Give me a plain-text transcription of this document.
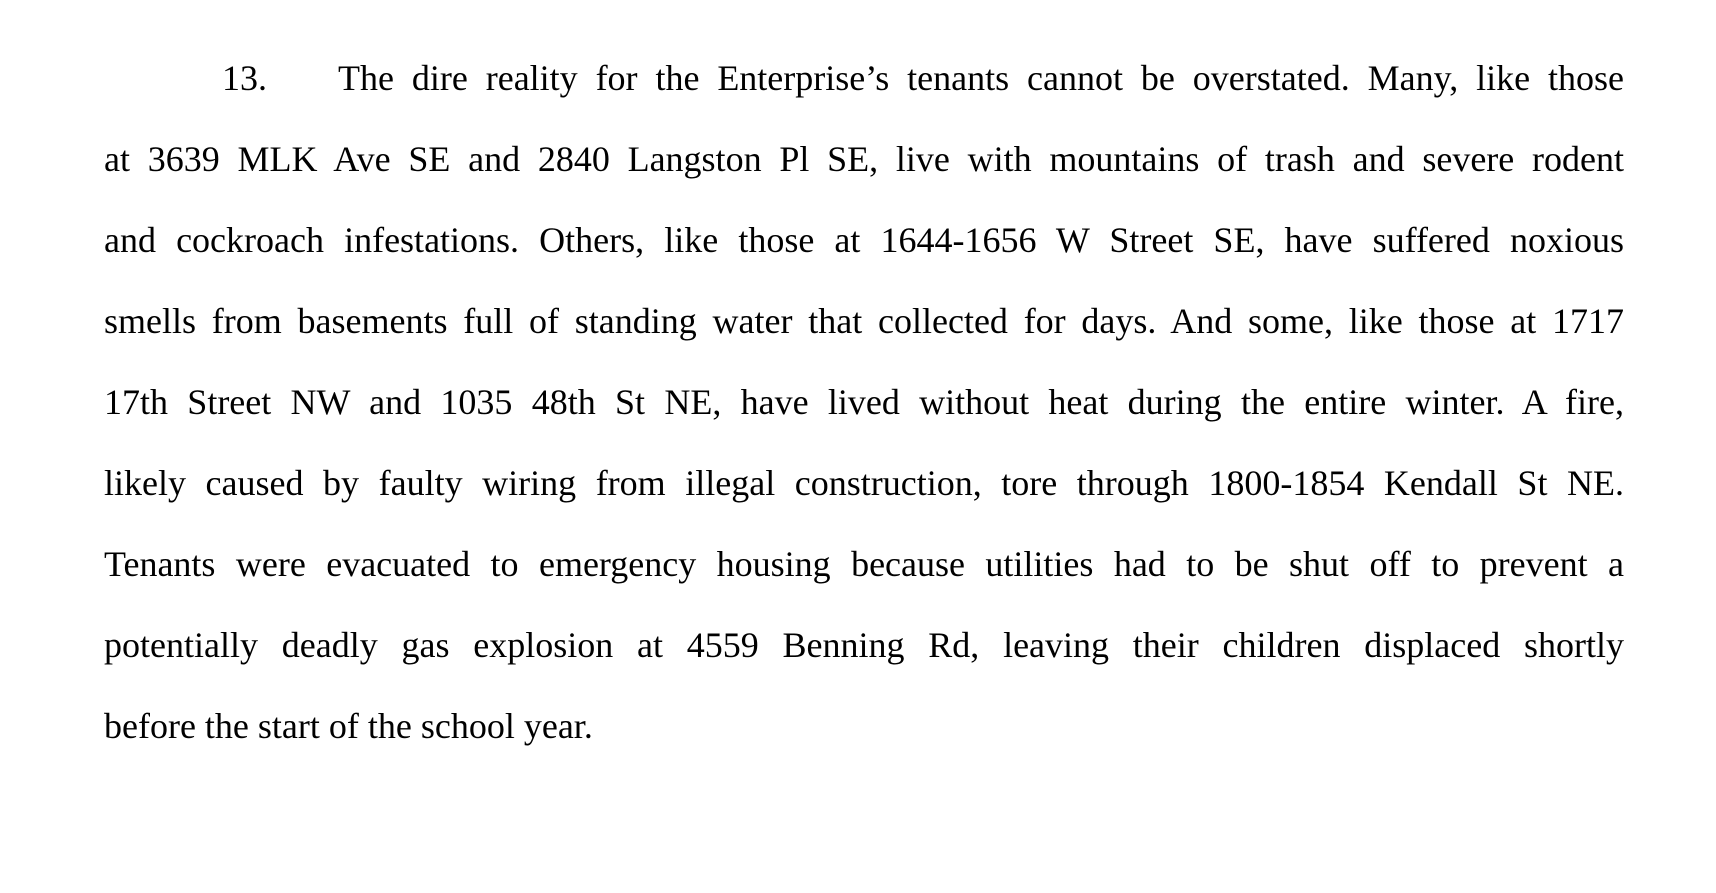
13. The dire reality for the Enterprise’s tenants cannot be overstated. Many, like those
at 3639 MLK Ave SE and 2840 Langston Pl SE, live with mountains of trash and severe rodent
and cockroach infestations. Others, like those at 1644-1656 W Street SE, have suffered noxious
smells from basements full of standing water that collected for days. And some, like those at 1717
17th Street NW and 1035 48th St NE, have lived without heat during the entire winter. A fire,
likely caused by faulty wiring from illegal construction, tore through 1800-1854 Kendall St NE.
Tenants were evacuated to emergency housing because utilities had to be shut off to prevent a
potentially deadly gas explosion at 4559 Benning Rd, leaving their children displaced shortly
before the start of the school year.
